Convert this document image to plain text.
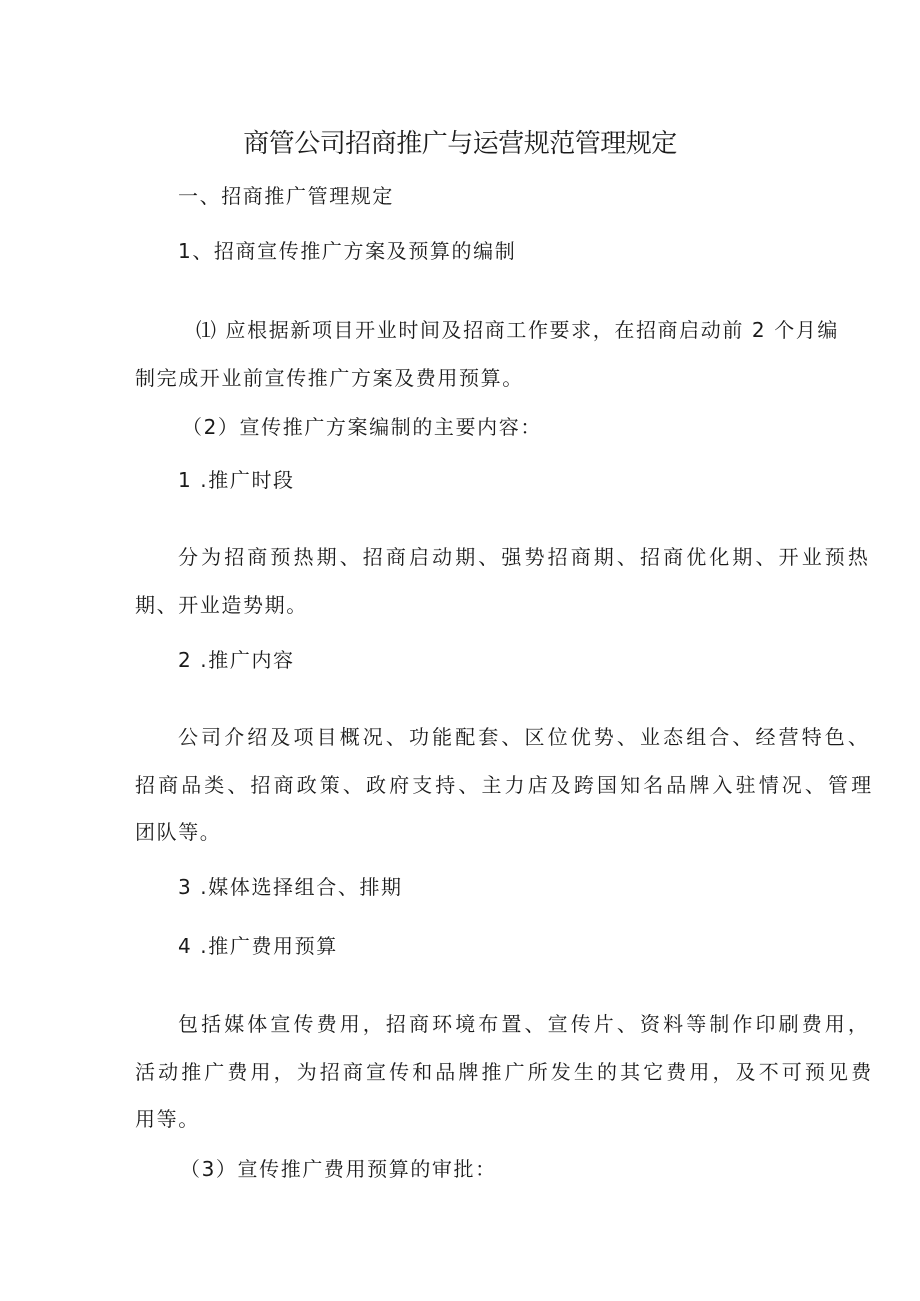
商管公司招商推广与运营规范管理规定
一、招商推广管理规定
1、招商宣传推广方案及预算的编制
⑴ 应根据新项目开业时间及招商工作要求，在招商启动前 2 个月编
制完成开业前宣传推广方案及费用预算。
（2）宣传推广方案编制的主要内容：
1 .推广时段
分为招商预热期、招商启动期、强势招商期、招商优化期、开业预热
期、开业造势期。
2 .推广内容
公司介绍及项目概况、功能配套、区位优势、业态组合、经营特色、
招商品类、招商政策、政府支持、主力店及跨国知名品牌入驻情况、管理
团队等。
3 .媒体选择组合、排期
4 .推广费用预算
包括媒体宣传费用，招商环境布置、宣传片、资料等制作印刷费用，
活动推广费用，为招商宣传和品牌推广所发生的其它费用，及不可预见费
用等。
（3）宣传推广费用预算的审批：
